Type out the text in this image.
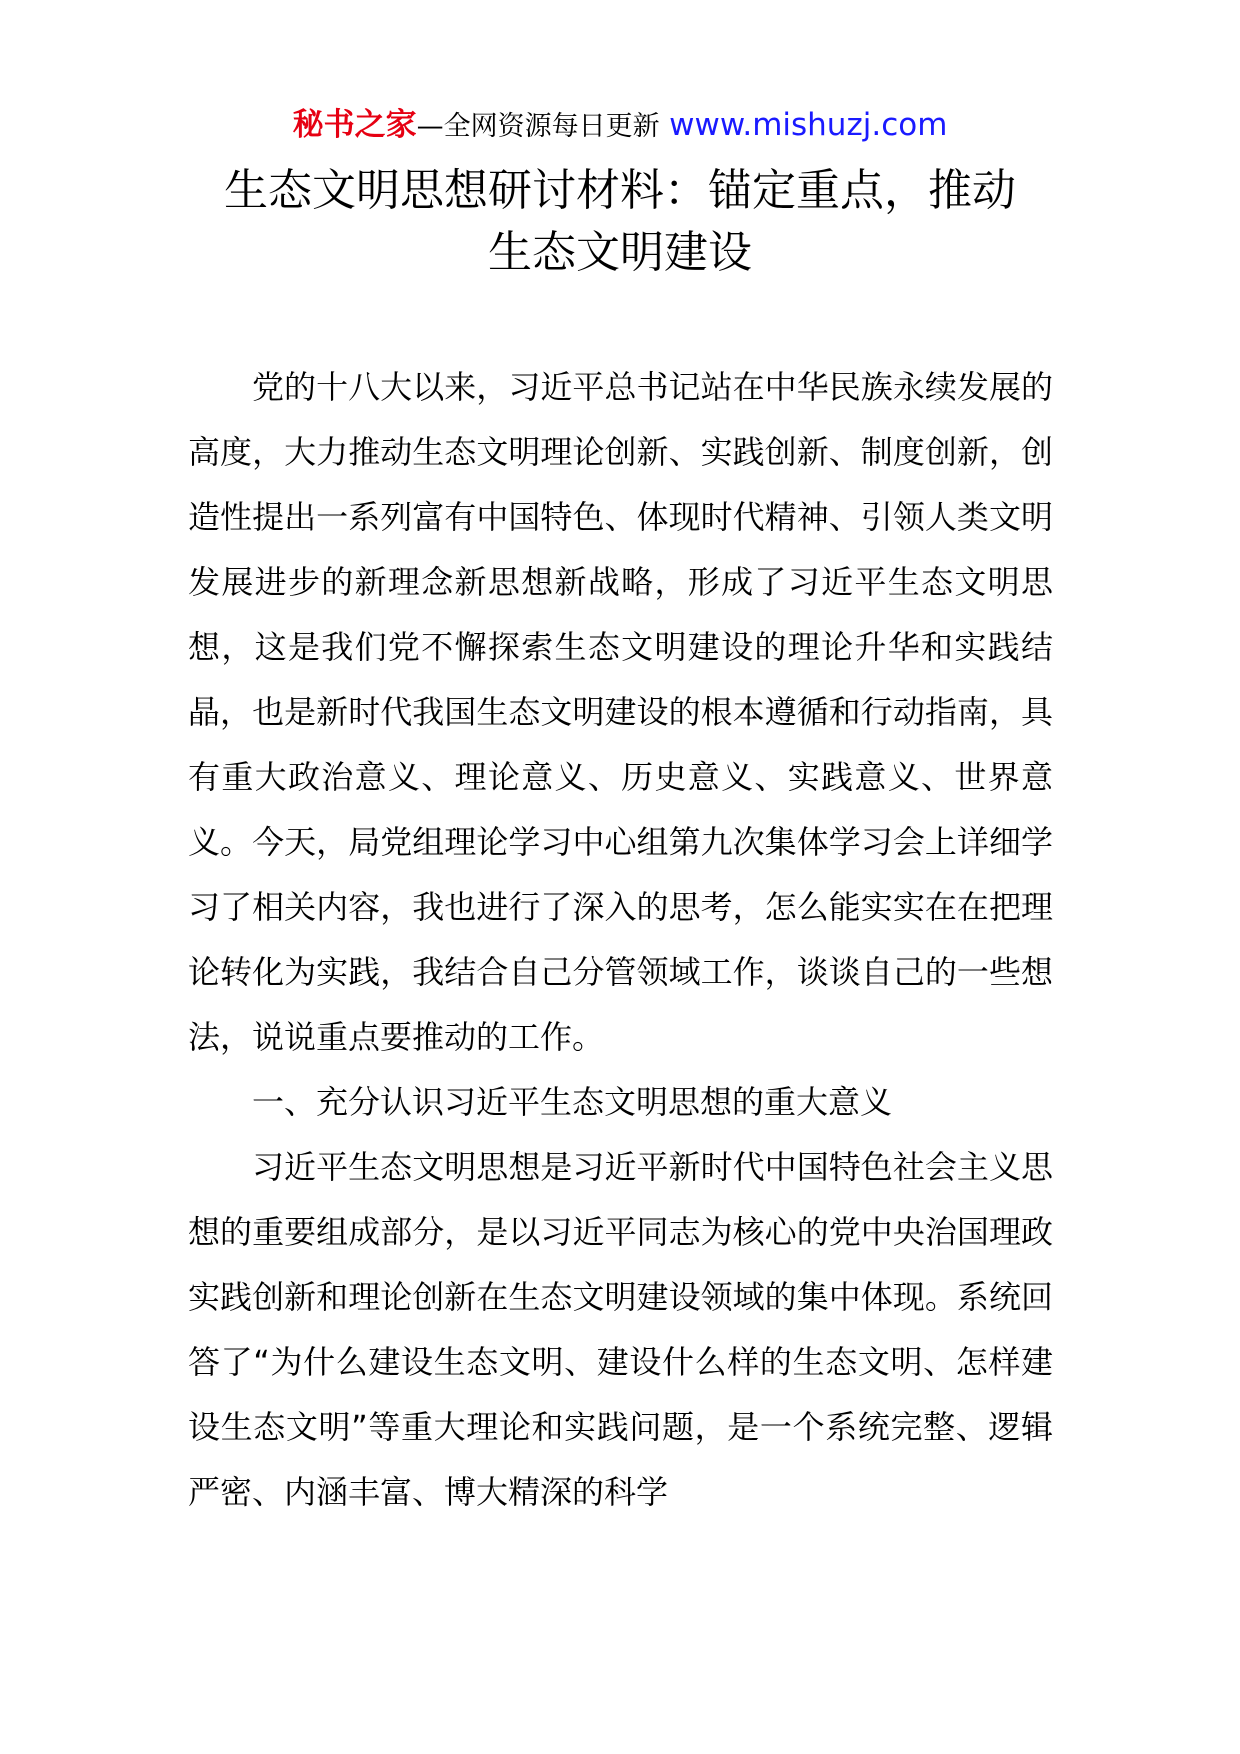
秘书之家—全网资源每日更新 www.mishuzj.com
生态文明思想研讨材料：锚定重点，推动
生态文明建设

党的十八大以来，习近平总书记站在中华民族永续发展的高度，大力推动生态文明理论创新、实践创新、制度创新，创造性提出一系列富有中国特色、体现时代精神、引领人类文明发展进步的新理念新思想新战略，形成了习近平生态文明思想，这是我们党不懈探索生态文明建设的理论升华和实践结晶，也是新时代我国生态文明建设的根本遵循和行动指南，具有重大政治意义、理论意义、历史意义、实践意义、世界意义。今天，局党组理论学习中心组第九次集体学习会上详细学习了相关内容，我也进行了深入的思考，怎么能实实在在把理论转化为实践，我结合自己分管领域工作，谈谈自己的一些想法，说说重点要推动的工作。

一、充分认识习近平生态文明思想的重大意义

习近平生态文明思想是习近平新时代中国特色社会主义思想的重要组成部分，是以习近平同志为核心的党中央治国理政实践创新和理论创新在生态文明建设领域的集中体现。系统回答了“为什么建设生态文明、建设什么样的生态文明、怎样建设生态文明”等重大理论和实践问题，是一个系统完整、逻辑严密、内涵丰富、博大精深的科学
